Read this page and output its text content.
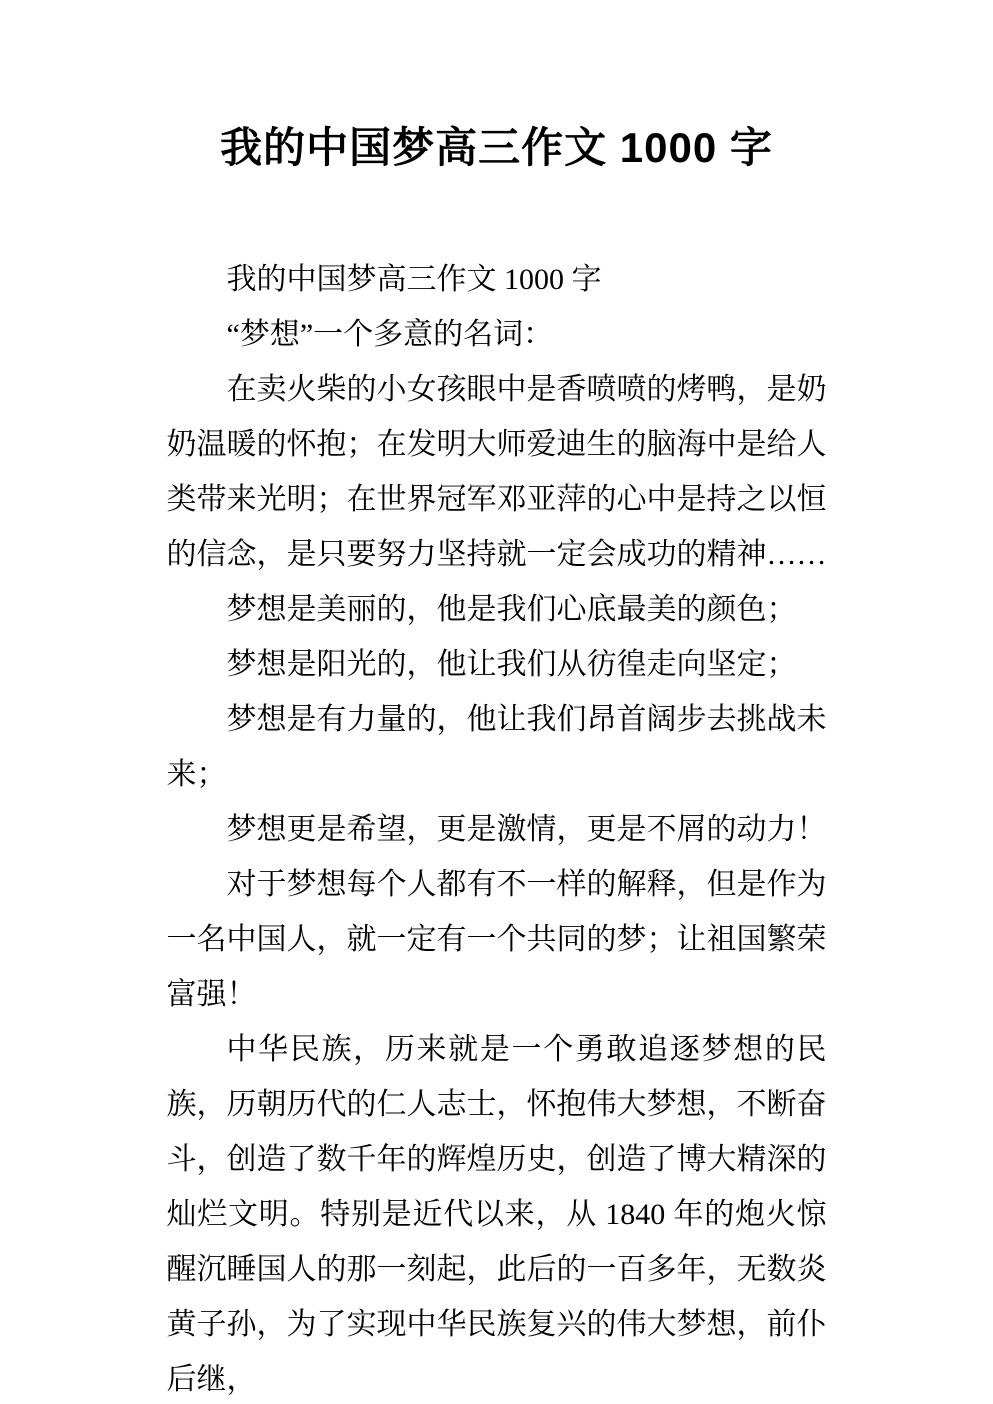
我的中国梦高三作文 1000 字

我的中国梦高三作文 1000 字

“梦想”一个多意的名词：

在卖火柴的小女孩眼中是香喷喷的烤鸭，是奶奶温暖的怀抱；在发明大师爱迪生的脑海中是给人类带来光明；在世界冠军邓亚萍的心中是持之以恒的信念，是只要努力坚持就一定会成功的精神……

梦想是美丽的，他是我们心底最美的颜色；

梦想是阳光的，他让我们从彷徨走向坚定；

梦想是有力量的，他让我们昂首阔步去挑战未来；

梦想更是希望，更是激情，更是不屑的动力！

对于梦想每个人都有不一样的解释，但是作为一名中国人，就一定有一个共同的梦；让祖国繁荣富强！

中华民族，历来就是一个勇敢追逐梦想的民族，历朝历代的仁人志士，怀抱伟大梦想，不断奋斗，创造了数千年的辉煌历史，创造了博大精深的灿烂文明。特别是近代以来，从 1840 年的炮火惊醒沉睡国人的那一刻起，此后的一百多年，无数炎黄子孙，为了实现中华民族复兴的伟大梦想，前仆后继，
